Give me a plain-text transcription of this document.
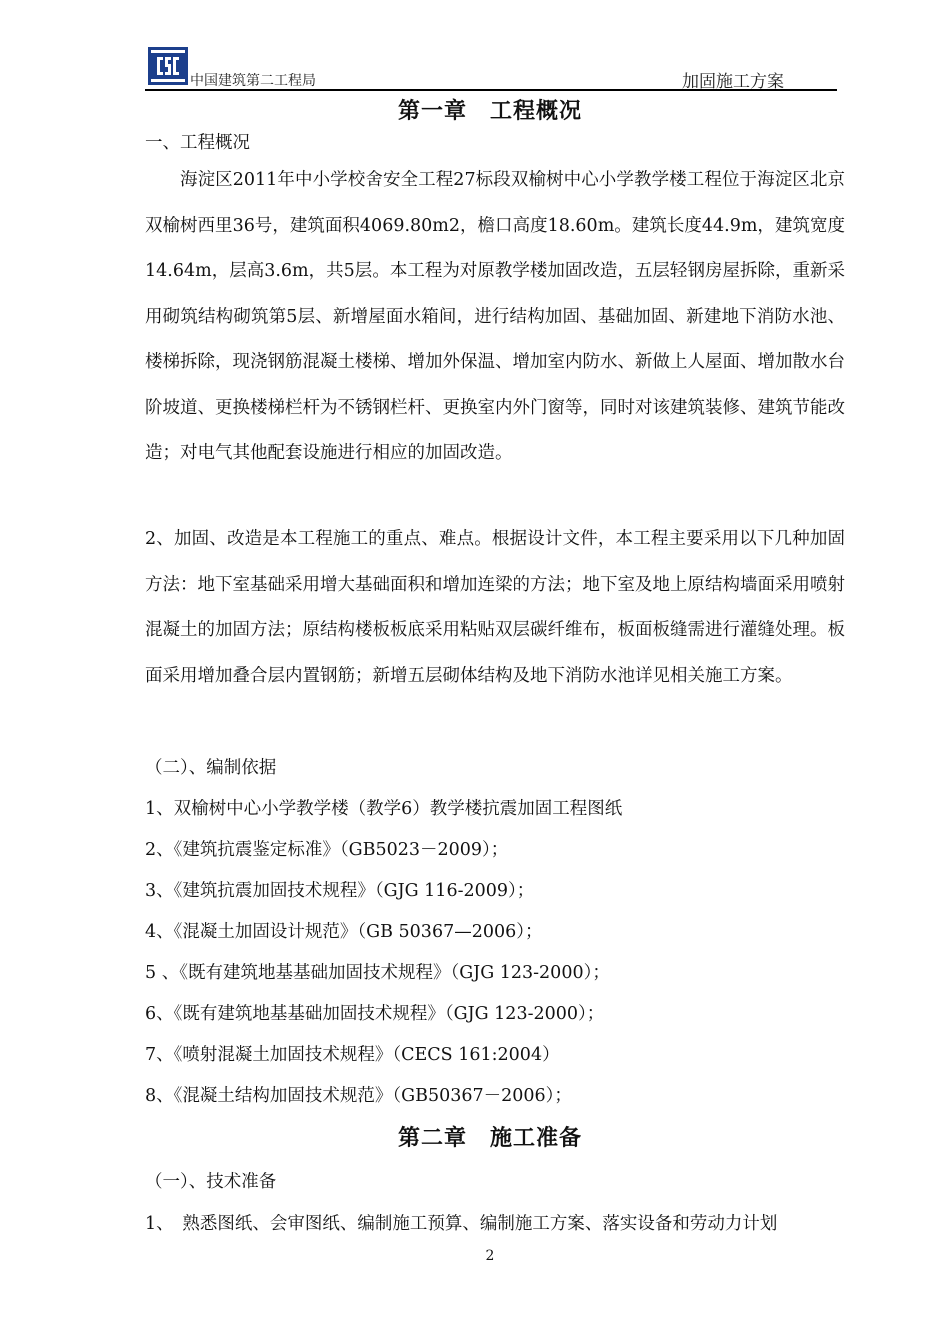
中国建筑第二工程局	加固施工方案
第一章　工程概况
一、工程概况
海淀区2011年中小学校舍安全工程27标段双榆树中心小学教学楼工程位于海淀区北京双榆树西里36号，建筑面积4069.80m2，檐口高度18.60m。建筑长度44.9m，建筑宽度14.64m，层高3.6m，共5层。本工程为对原教学楼加固改造，五层轻钢房屋拆除，重新采用砌筑结构砌筑第5层、新增屋面水箱间，进行结构加固、基础加固、新建地下消防水池、楼梯拆除，现浇钢筋混凝土楼梯、增加外保温、增加室内防水、新做上人屋面、增加散水台阶坡道、更换楼梯栏杆为不锈钢栏杆、更换室内外门窗等，同时对该建筑装修、建筑节能改造；对电气其他配套设施进行相应的加固改造。
2、加固、改造是本工程施工的重点、难点。根据设计文件，本工程主要采用以下几种加固方法：地下室基础采用增大基础面积和增加连梁的方法；地下室及地上原结构墙面采用喷射混凝土的加固方法；原结构楼板板底采用粘贴双层碳纤维布，板面板缝需进行灌缝处理。板面采用增加叠合层内置钢筋；新增五层砌体结构及地下消防水池详见相关施工方案。
（二）、编制依据
1、双榆树中心小学教学楼（教学6）教学楼抗震加固工程图纸
2、《建筑抗震鉴定标准》（GB5023－2009）；
3、《建筑抗震加固技术规程》（GJG 116-2009）；
4、《混凝土加固设计规范》（GB 50367—2006）；
5 、《既有建筑地基基础加固技术规程》（GJG 123-2000）；
6、《既有建筑地基基础加固技术规程》（GJG 123-2000）；
7、《喷射混凝土加固技术规程》（CECS 161:2004）
8、《混凝土结构加固技术规范》（GB50367－2006）；
第二章　施工准备
（一）、技术准备
1、　熟悉图纸、会审图纸、编制施工预算、编制施工方案、落实设备和劳动力计划
2
